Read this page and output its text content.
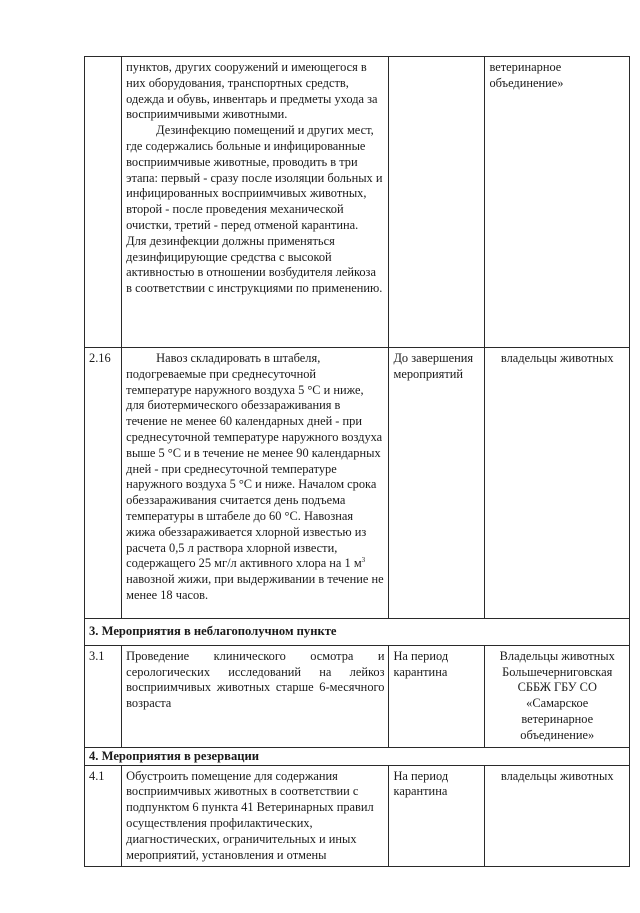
	пунктов, других сооружений и имеющегося в них оборудования, транспортных средств, одежда и обувь, инвентарь и предметы ухода за восприимчивыми животными.

Дезинфекцию помещений и других мест, где содержались больные и инфицированные восприимчивые животные, проводить в три этапа: первый - сразу после изоляции больных и инфицированных восприимчивых животных, второй - после проведения механической очистки, третий - перед отменой карантина.

Для дезинфекции должны применяться дезинфицирующие средства с высокой активностью в отношении возбудителя лейкоза в соответствии с инструкциями по применению.		ветеринарное объединение»
2.16	Навоз складировать в штабеля, подогреваемые при среднесуточной температуре наружного воздуха 5 °С и ниже, для биотермического обеззараживания в течение не менее 60 календарных дней - при среднесуточной температуре наружного воздуха выше 5 °С и в течение не менее 90 календарных дней - при среднесуточной температуре наружного воздуха 5 °С и ниже. Началом срока обеззараживания считается день подъема температуры в штабеле до 60 °С. Навозная жижа обеззараживается хлорной известью из расчета 0,5 л раствора хлорной извести, содержащего 25 мг/л активного хлора на 1 $м^3$ навозной жижи, при выдерживании в течение не менее 18 часов.	До завершения мероприятий	владельцы животных
3. Мероприятия в неблагополучном пункте			
3.1	Проведение клинического осмотра и серологических исследований на лейкоз восприимчивых животных старше 6-месячного возраста	На период карантина	Владельцы животных Большечерниговская СББЖ ГБУ СО «Самарское ветеринарное объединение»
4. Мероприятия в резервации			
4.1	Обустроить помещение для содержания восприимчивых животных в соответствии с подпунктом 6 пункта 41 Ветеринарных правил осуществления профилактических, диагностических, ограничительных и иных мероприятий, установления и отмены	На период карантина	владельцы животных
